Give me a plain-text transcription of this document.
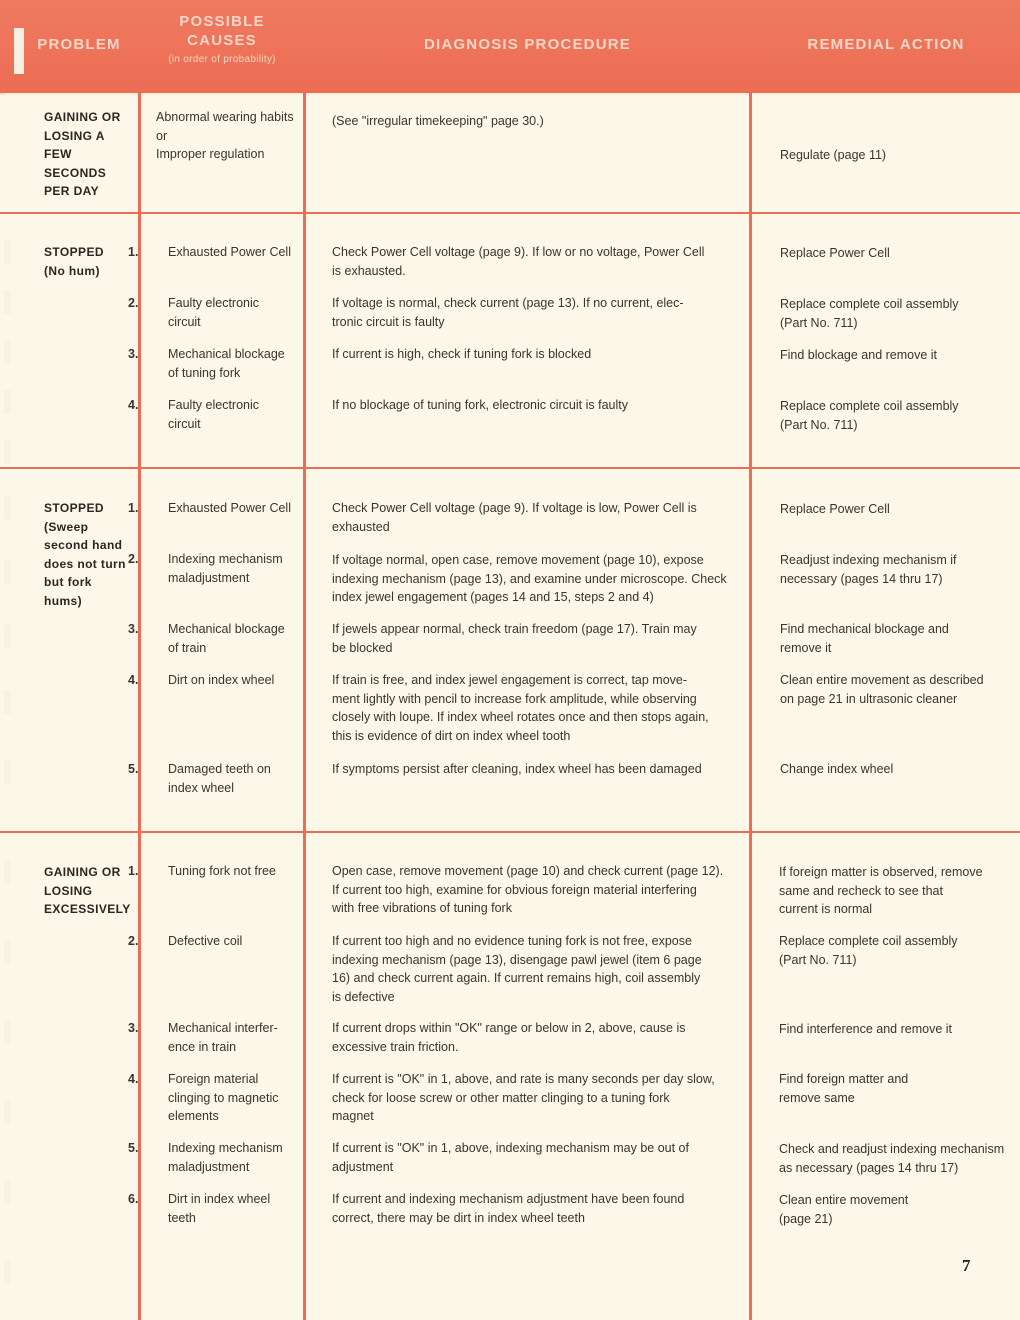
PROBLEM
POSSIBLE
CAUSES
(in order of probability)
DIAGNOSIS PROCEDURE	REMEDIAL ACTION
GAINING OR
LOSING A
FEW SECONDS
PER DAY
Abnormal wearing habits
or
Improper regulation
(See "irregular timekeeping" page 30.)
Regulate (page 11)
STOPPED
(No hum)
1. Exhausted Power Cell
2. Faulty electronic
circuit
3. Mechanical blockage
of tuning fork
4. Faulty electronic
circuit
Check Power Cell voltage (page 9). If low or no voltage, Power Cell
is exhausted.
If voltage is normal, check current (page 13). If no current, elec-
tronic circuit is faulty
If current is high, check if tuning fork is blocked
If no blockage of tuning fork, electronic circuit is faulty
Replace Power Cell
Replace complete coil assembly
(Part No. 711)
Find blockage and remove it
Replace complete coil assembly
(Part No. 711)
STOPPED
(Sweep
second hand
does not turn
but fork
hums)
1. Exhausted Power Cell
2. Indexing mechanism
maladjustment
3. Mechanical blockage
of train
4. Dirt on index wheel
5. Damaged teeth on
index wheel
Check Power Cell voltage (page 9). If voltage is low, Power Cell is
exhausted
If voltage normal, open case, remove movement (page 10), expose
indexing mechanism (page 13), and examine under microscope. Check
index jewel engagement (pages 14 and 15, steps 2 and 4)
If jewels appear normal, check train freedom (page 17). Train may
be blocked
If train is free, and index jewel engagement is correct, tap move-
ment lightly with pencil to increase fork amplitude, while observing
closely with loupe. If index wheel rotates once and then stops again,
this is evidence of dirt on index wheel tooth
If symptoms persist after cleaning, index wheel has been damaged
Replace Power Cell
Readjust indexing mechanism if
necessary (pages 14 thru 17)
Find mechanical blockage and
remove it
Clean entire movement as described
on page 21 in ultrasonic cleaner
Change index wheel
GAINING OR
LOSING
EXCESSIVELY
1. Tuning fork not free
2. Defective coil
3. Mechanical interfer-
ence in train
4. Foreign material
clinging to magnetic
elements
5. Indexing mechanism
maladjustment
6. Dirt in index wheel
teeth
Open case, remove movement (page 10) and check current (page 12).
If current too high, examine for obvious foreign material interfering
with free vibrations of tuning fork
If current too high and no evidence tuning fork is not free, expose
indexing mechanism (page 13), disengage pawl jewel (item 6 page
16) and check current again. If current remains high, coil assembly
is defective
If current drops within "OK" range or below in 2, above, cause is
excessive train friction.
If current is "OK" in 1, above, and rate is many seconds per day slow,
check for loose screw or other matter clinging to a tuning fork
magnet
If current is "OK" in 1, above, indexing mechanism may be out of
adjustment
If current and indexing mechanism adjustment have been found
correct, there may be dirt in index wheel teeth
If foreign matter is observed, remove
same and recheck to see that
current is normal
Replace complete coil assembly
(Part No. 711)
Find interference and remove it
Find foreign matter and
remove same
Check and readjust indexing mechanism
as necessary (pages 14 thru 17)
Clean entire movement
(page 21)
7
